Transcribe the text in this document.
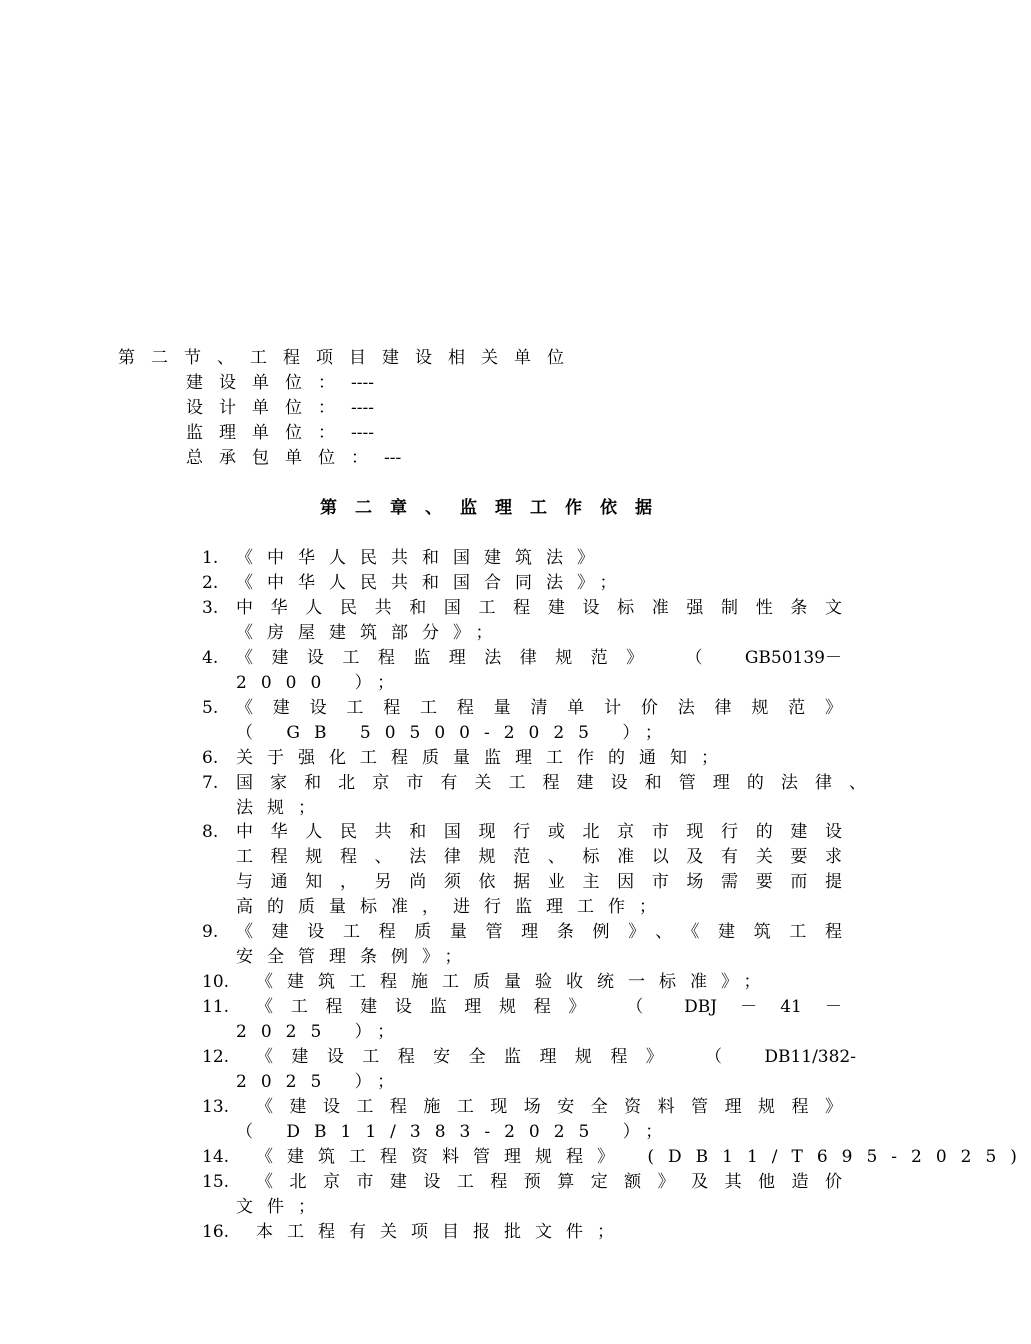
第二节、工程项目建设相关单位
建设单位：----
设计单位：----
监理单位：----
总承包单位：---
第二章、监理工作依据
1. 《中华人民共和国建筑法》
2. 《中华人民共和国合同法》；
3. 中华人民共和国工程建设标准强制性条文
《房屋建筑部分》；
4. 《建设工程监理法律规范》 （ GB50139－
2000 ）；
5. 《建设工程工程量清单计价法律规范》
（ GB 50500-2025 ）；
6. 关于强化工程质量监理工作的通知；
7. 国家和北京市有关工程建设和管理的法律、
法规；
8. 中华人民共和国现行或北京市现行的建设
工程规程、法律规范、标准以及有关要求
与通知，另尚须依据业主因市场需要而提
高的质量标准，进行监理工作；
9. 《建设工程质量管理条例》、《建筑工程
安全管理条例》；
10. 《建筑工程施工质量验收统一标准》；
11. 《工程建设监理规程》 （ DBJ － 41 －
2025 ）；
12. 《建设工程安全监理规程》 （ DB11/382-
2025 ）；
13. 《建设工程施工现场安全资料管理规程》
（ DB11/383-2025 ）；
14. 《建筑工程资料管理规程》 (DB11/T695-2025)
15. 《北京市建设工程预算定额》及其他造价
文件；
16. 本工程有关项目报批文件；
